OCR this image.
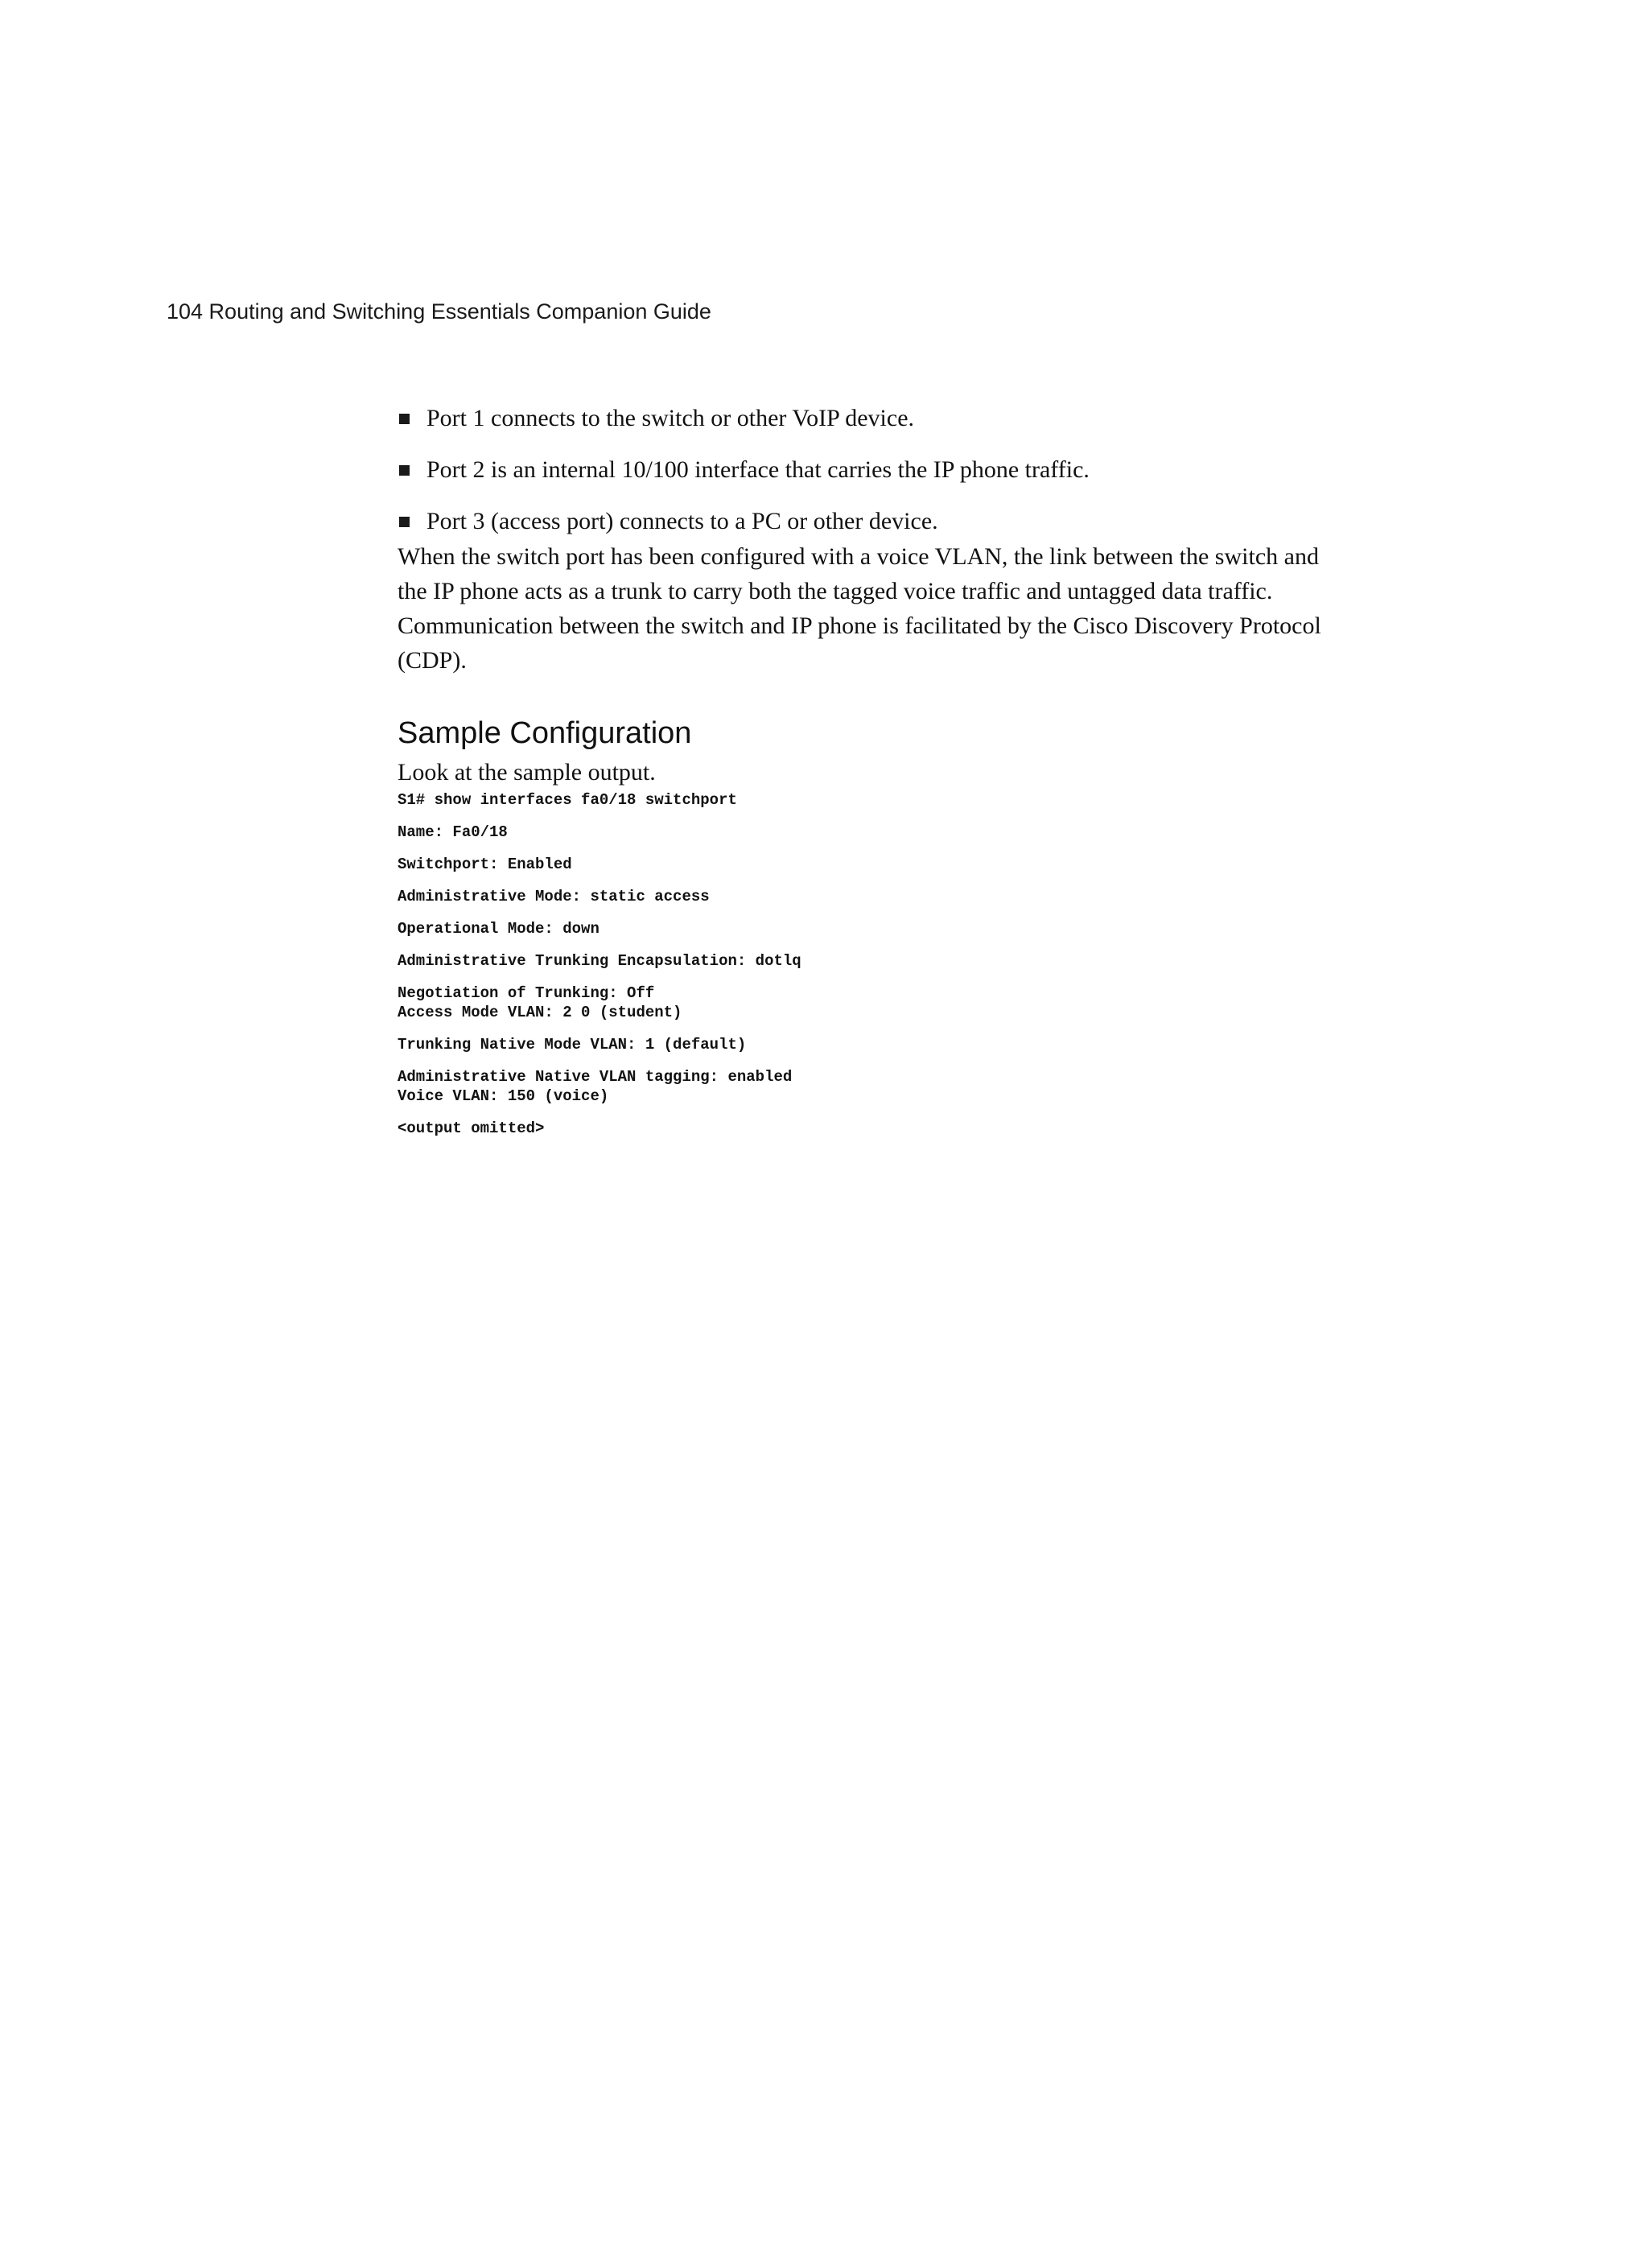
104 Routing and Switching Essentials Companion Guide
Port 1 connects to the switch or other VoIP device.
Port 2 is an internal 10/100 interface that carries the IP phone traffic.
Port 3 (access port) connects to a PC or other device.

When the switch port has been configured with a voice VLAN, the link between the switch and
the IP phone acts as a trunk to carry both the tagged voice traffic and untagged data traffic.
Communication between the switch and IP phone is facilitated by the Cisco Discovery Protocol
(CDP).

Sample Configuration

Look at the sample output.

S1# show interfaces fa0/18 switchport
Name: Fa0/18
Switchport: Enabled
Administrative Mode: static access
Operational Mode: down
Administrative Trunking Encapsulation: dotlq
Negotiation of Trunking: Off
Access Mode VLAN: 2 0 (student)
Trunking Native Mode VLAN: 1 (default)
Administrative Native VLAN tagging: enabled
Voice VLAN: 150 (voice)
<output omitted>
